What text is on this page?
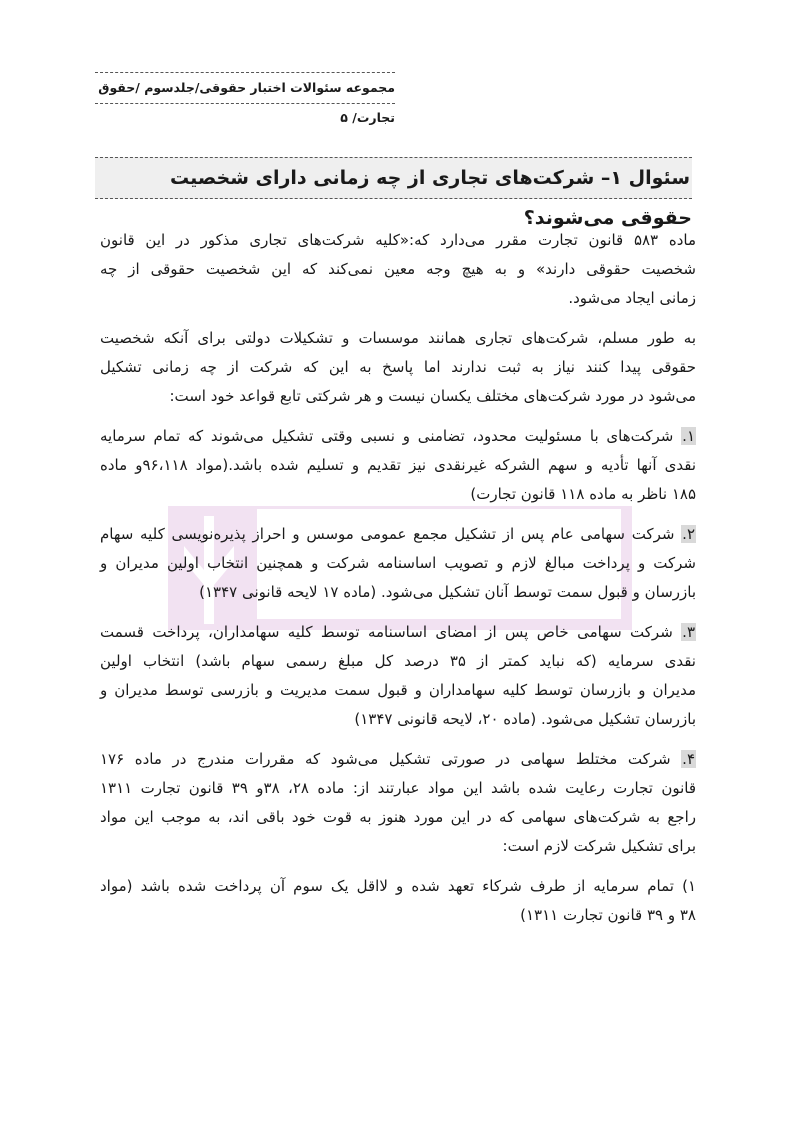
مجموعه سئوالات اختبار حقوقی/جلدسوم /حقوق تجارت/ ۵
سئوال ۱– شرکت‌های تجاری از چه زمانی دارای شخصیت حقوقی می‌شوند؟
ماده ۵۸۳ قانون تجارت مقرر می‌دارد که:«کلیه شرکت‌های تجاری مذکور در این قانون
شخصیت حقوقی دارند» و به هیچ وجه معین نمی‌کند که این شخصیت حقوقی از چه
زمانی ایجاد می‌شود.
به طور مسلم، شرکت‌های تجاری همانند موسسات و تشکیلات دولتی برای آنکه شخصیت
حقوقی پیدا کنند نیاز به ثبت ندارند اما پاسخ به این که شرکت از چه زمانی تشکیل
می‌شود در مورد شرکت‌های مختلف یکسان نیست و هر شرکتی تابع قواعد خود است:
۱. شرکت‌های با مسئولیت محدود، تضامنی و نسبی وقتی تشکیل می‌شوند که تمام سرمایه
نقدی آنها تأدیه و سهم الشرکه غیرنقدی نیز تقدیم و تسلیم شده باشد.(مواد ۹۶،۱۱۸و ماده
۱۸۵ ناظر به ماده ۱۱۸ قانون تجارت)
۲. شرکت سهامی عام پس از تشکیل مجمع عمومی موسس و احراز پذیره‌نویسی کلیه سهام
شرکت و پرداخت مبالغ لازم و تصویب اساسنامه شرکت و همچنین انتخاب اولین مدیران و
بازرسان و قبول سمت توسط آنان تشکیل می‌شود. (ماده ۱۷ لایحه قانونی ۱۳۴۷)
۳. شرکت سهامی خاص پس از امضای اساسنامه توسط کلیه سهامداران، پرداخت قسمت
نقدی سرمایه (که نباید کمتر از ۳۵ درصد کل مبلغ رسمی سهام باشد) انتخاب اولین
مدیران و بازرسان توسط کلیه سهامداران و قبول سمت مدیریت و بازرسی توسط مدیران و
بازرسان تشکیل می‌شود. (ماده ۲۰، لایحه قانونی ۱۳۴۷)
۴. شرکت مختلط سهامی در صورتی تشکیل می‌شود که مقررات مندرج در ماده ۱۷۶
قانون تجارت رعایت شده باشد این مواد عبارتند از: ماده ۲۸، ۳۸و ۳۹ قانون تجارت ۱۳۱۱
راجع به شرکت‌های سهامی که در این مورد هنوز به قوت خود باقی اند، به موجب این مواد
برای تشکیل شرکت لازم است:
۱) تمام سرمایه از طرف شرکاء تعهد شده و لااقل یک سوم آن پرداخت شده باشد (مواد
۳۸ و ۳۹ قانون تجارت ۱۳۱۱)
